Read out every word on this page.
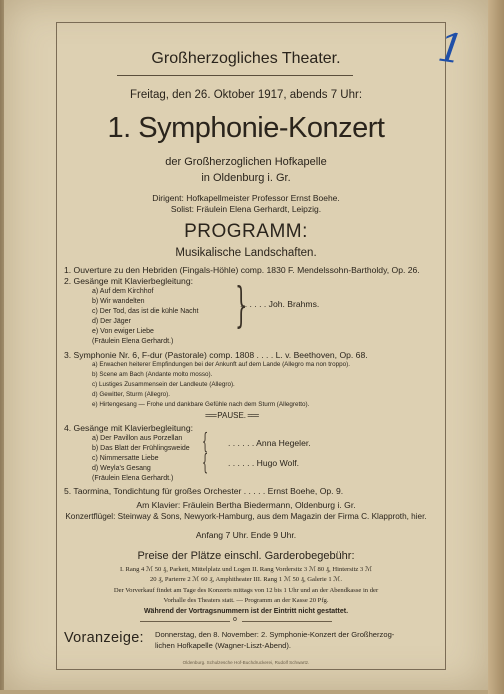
1
Großherzogliches Theater.
Freitag, den 26. Oktober 1917, abends 7 Uhr:
1. Symphonie-Konzert
der Großherzoglichen Hofkapelle
in Oldenburg i. Gr.
Dirigent: Hofkapellmeister Professor Ernst Boehe.
Solist: Fräulein Elena Gerhardt, Leipzig.
PROGRAMM:
Musikalische Landschaften.
1. Ouverture zu den Hebriden (Fingals-Höhle) comp. 1830 F. Mendelssohn-Bartholdy, Op. 26.
2. Gesänge mit Klavierbegleitung:
a) Auf dem Kirchhof
b) Wir wandelten
c) Der Tod, das ist die kühle Nacht
d) Der Jäger
e) Von ewiger Liebe }
. . . . . . Joh. Brahms.
(Fräulein Elena Gerhardt.)
3. Symphonie Nr. 6, F-dur (Pastorale) comp. 1808 . . . . L. v. Beethoven, Op. 68.
a) Erwachen heiterer Empfindungen bei der Ankunft auf dem Lande (Allegro ma non troppo).
b) Scene am Bach (Andante molto mosso).
c) Lustiges Zusammensein der Landleute (Allegro).
d) Gewitter, Sturm (Allegro).
e) Hirtengesang — Frohe und dankbare Gefühle nach dem Sturm (Allegretto).
=== PAUSE. ===
4. Gesänge mit Klavierbegleitung:
a) Der Pavillon aus Porzellan
b) Das Blatt der Frühlingsweide { . . . . . . Anna Hegeler.
c) Nimmersatte Liebe
d) Weyla's Gesang { . . . . . . Hugo Wolf.
(Fräulein Elena Gerhardt.)
5. Taormina, Tondichtung für großes Orchester . . . . . Ernst Boehe, Op. 9.
Am Klavier: Fräulein Bertha Biedermann, Oldenburg i. Gr.
Konzertflügel: Steinway & Sons, Newyork-Hamburg, aus dem Magazin der Firma C. Klapproth, hier.
Anfang 7 Uhr. Ende 9 Uhr.
Preise der Plätze einschl. Garderobegebühr:
I. Rang 4 ℳ 50 ₰, Parkett, Mittelplatz und Logen II. Rang Vordersitz 3 ℳ 80 ₰, Hintersitz 3 ℳ
20 ₰, Parterre 2 ℳ 60 ₰, Amphitheater III. Rang 1 ℳ 50 ₰, Galerie 1 ℳ.
Der Vorverkauf findet am Tage des Konzerts mittags von 12 bis 1 Uhr und an der Abendkasse in der
Vorhalle des Theaters statt. — Programm an der Kasse 20 Pfg.
Während der Vortragsnummern ist der Eintritt nicht gestattet.
o
Voranzeige: Donnerstag, den 8. November: 2. Symphonie-Konzert der Großherzog-
lichen Hofkapelle (Wagner-Liszt-Abend).
Oldenburg. Schulzesche Hof-Buchdruckerei, Rudolf Schwartz.
